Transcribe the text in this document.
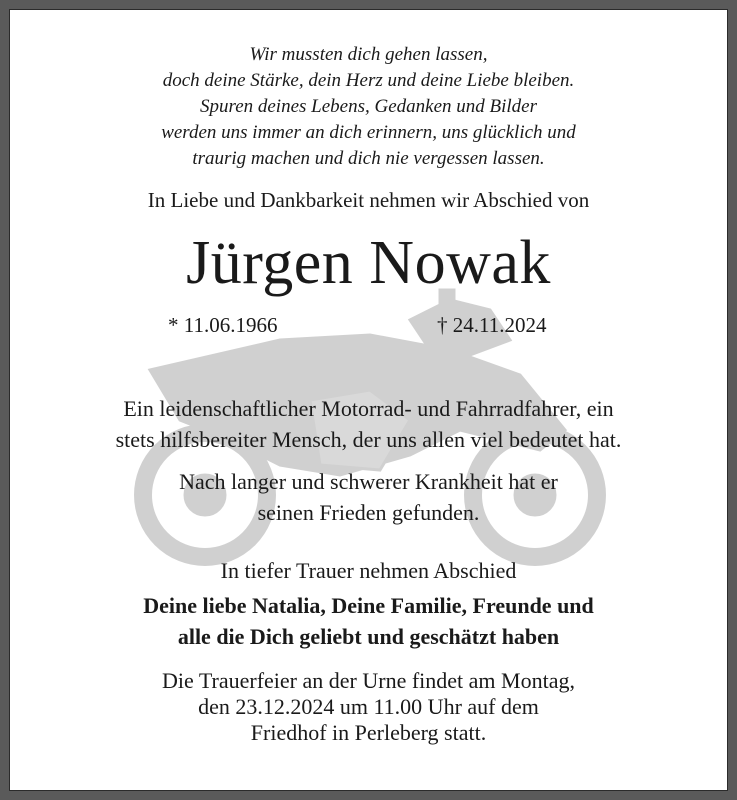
Wir mussten dich gehen lassen,
doch deine Stärke, dein Herz und deine Liebe bleiben.
Spuren deines Lebens, Gedanken und Bilder
werden uns immer an dich erinnern, uns glücklich und
traurig machen und dich nie vergessen lassen.
In Liebe und Dankbarkeit nehmen wir Abschied von
Jürgen Nowak
* 11.06.1966	† 24.11.2024
Ein leidenschaftlicher Motorrad- und Fahrradfahrer, ein
stets hilfsbereiter Mensch, der uns allen viel bedeutet hat.
Nach langer und schwerer Krankheit hat er
seinen Frieden gefunden.
In tiefer Trauer nehmen Abschied
Deine liebe Natalia, Deine Familie, Freunde und
alle die Dich geliebt und geschätzt haben
Die Trauerfeier an der Urne findet am Montag,
den 23.12.2024 um 11.00 Uhr auf dem
Friedhof in Perleberg statt.
